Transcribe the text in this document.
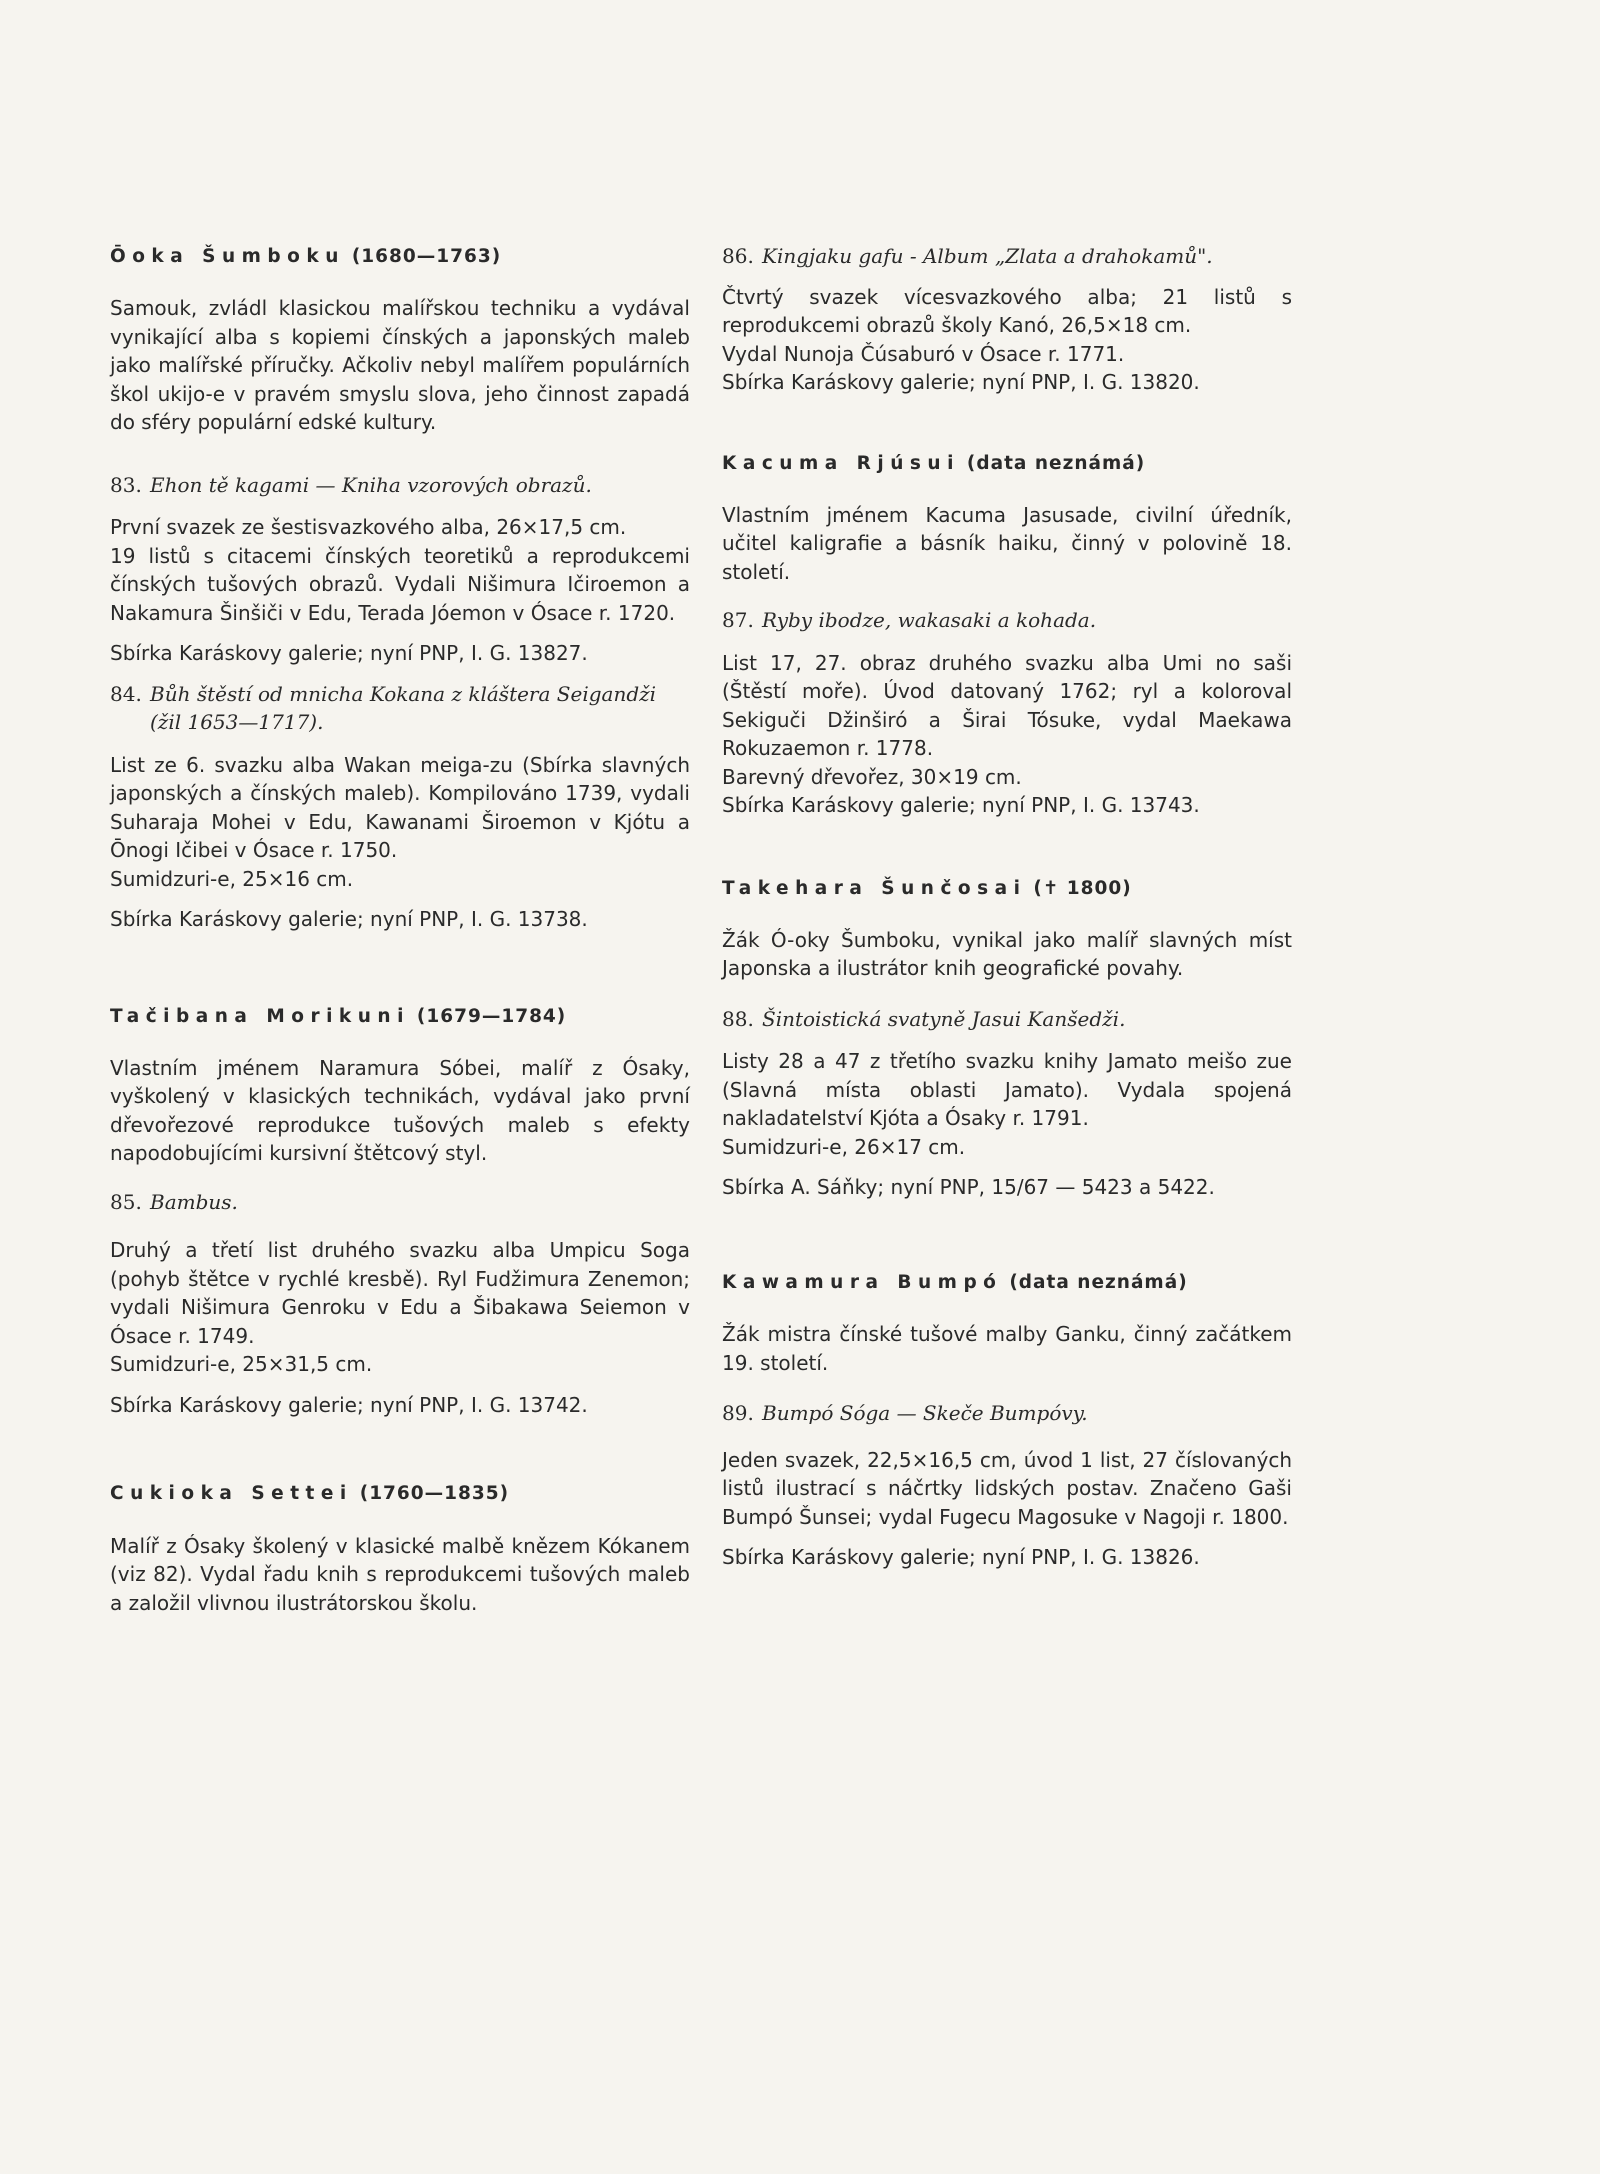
Ōoka Šumboku (1680—1763)

Samouk, zvládl klasickou malířskou techniku a vydával vynikající alba s kopiemi čínských a japonských maleb jako malířské příručky. Ačkoliv nebyl malířem populárních škol ukijo-e v pravém smyslu slova, jeho činnost zapadá do sféry populární edské kultury.

83. Ehon tě kagami — Kniha vzorových obrazů.

První svazek ze šestisvazkového alba, 26×17,5 cm.

19 listů s citacemi čínských teoretiků a reprodukcemi čínských tušových obrazů. Vydali Nišimura Ičiroemon a Nakamura Šinšiči v Edu, Terada Jóemon v Ósace r. 1720.

Sbírka Karáskovy galerie; nyní PNP, I. G. 13827.

84. Bůh štěstí od mnicha Kokana z kláštera Seigandži (žil 1653—1717).

List ze 6. svazku alba Wakan meiga-zu (Sbírka slavných japonských a čínských maleb). Kompilováno 1739, vydali Suharaja Mohei v Edu, Kawanami Široemon v Kjótu a Ōnogi Ičibei v Ósace r. 1750.

Sumidzuri-e, 25×16 cm.

Sbírka Karáskovy galerie; nyní PNP, I. G. 13738.

Tačibana Morikuni (1679—1784)

Vlastním jménem Naramura Sóbei, malíř z Ósaky, vyškolený v klasických technikách, vydával jako první dřevořezové reprodukce tušových maleb s efekty napodobujícími kursivní štětcový styl.

85. Bambus.

Druhý a třetí list druhého svazku alba Umpicu Soga (pohyb štětce v rychlé kresbě). Ryl Fudžimura Zenemon; vydali Nišimura Genroku v Edu a Šibakawa Seiemon v Ósace r. 1749.

Sumidzuri-e, 25×31,5 cm.

Sbírka Karáskovy galerie; nyní PNP, I. G. 13742.

Cukioka Settei (1760—1835)

Malíř z Ósaky školený v klasické malbě knězem Kókanem (viz 82). Vydal řadu knih s reprodukcemi tušových maleb a založil vlivnou ilustrátorskou školu.

86. Kingjaku gafu - Album „Zlata a drahokamů".

Čtvrtý svazek vícesvazkového alba; 21 listů s reprodukcemi obrazů školy Kanó, 26,5×18 cm.

Vydal Nunoja Čúsaburó v Ósace r. 1771.

Sbírka Karáskovy galerie; nyní PNP, I. G. 13820.

Kacuma Rjúsui (data neznámá)

Vlastním jménem Kacuma Jasusade, civilní úředník, učitel kaligrafie a básník haiku, činný v polovině 18. století.

87. Ryby ibodze, wakasaki a kohada.

List 17, 27. obraz druhého svazku alba Umi no saši (Štěstí moře). Úvod datovaný 1762; ryl a koloroval Sekiguči Džinširó a Širai Tósuke, vydal Maekawa Rokuzaemon r. 1778.

Barevný dřevořez, 30×19 cm.

Sbírka Karáskovy galerie; nyní PNP, I. G. 13743.

Takehara Šunčosai (✝ 1800)

Žák Ó-oky Šumboku, vynikal jako malíř slavných míst Japonska a ilustrátor knih geografické povahy.

88. Šintoistická svatyně Jasui Kanšedži.

Listy 28 a 47 z třetího svazku knihy Jamato meišo zue (Slavná místa oblasti Jamato). Vydala spojená nakladatelství Kjóta a Ósaky r. 1791.

Sumidzuri-e, 26×17 cm.

Sbírka A. Sáňky; nyní PNP, 15/67 — 5423 a 5422.

Kawamura Bumpó (data neznámá)

Žák mistra čínské tušové malby Ganku, činný začátkem 19. století.

89. Bumpó Sóga — Skeče Bumpóvy.

Jeden svazek, 22,5×16,5 cm, úvod 1 list, 27 číslovaných listů ilustrací s náčrtky lidských postav. Značeno Gaši Bumpó Šunsei; vydal Fugecu Magosuke v Nagoji r. 1800.

Sbírka Karáskovy galerie; nyní PNP, I. G. 13826.
